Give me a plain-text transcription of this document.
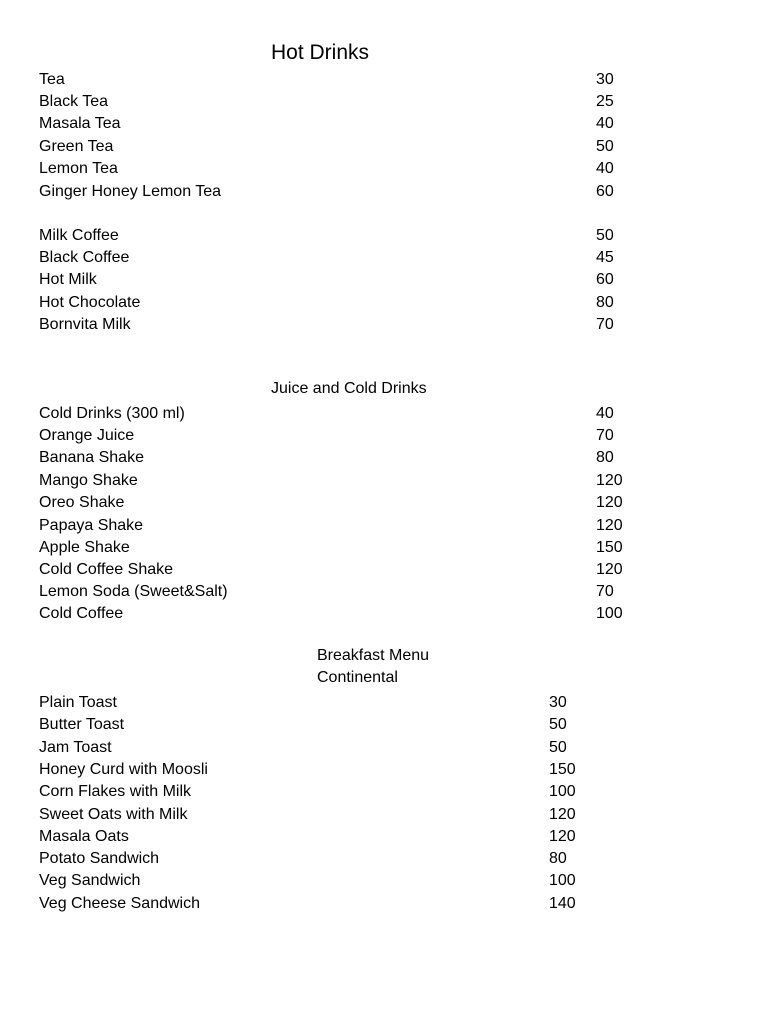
Hot Drinks
Tea	30
Black Tea	25
Masala Tea	40
Green Tea	50
Lemon Tea	40
Ginger Honey Lemon Tea	60
Milk Coffee	50
Black Coffee	45
Hot Milk	60
Hot Chocolate	80
Bornvita Milk	70
Juice and Cold Drinks
Cold Drinks (300 ml)	40
Orange Juice	70
Banana Shake	80
Mango Shake	120
Oreo Shake	120
Papaya Shake	120
Apple Shake	150
Cold Coffee Shake	120
Lemon Soda (Sweet&Salt)	70
Cold Coffee	100
Breakfast Menu
Continental
Plain Toast	30
Butter Toast	50
Jam Toast	50
Honey Curd with Moosli	150
Corn Flakes with Milk	100
Sweet Oats with Milk	120
Masala Oats	120
Potato Sandwich	80
Veg Sandwich	100
Veg Cheese Sandwich	140
